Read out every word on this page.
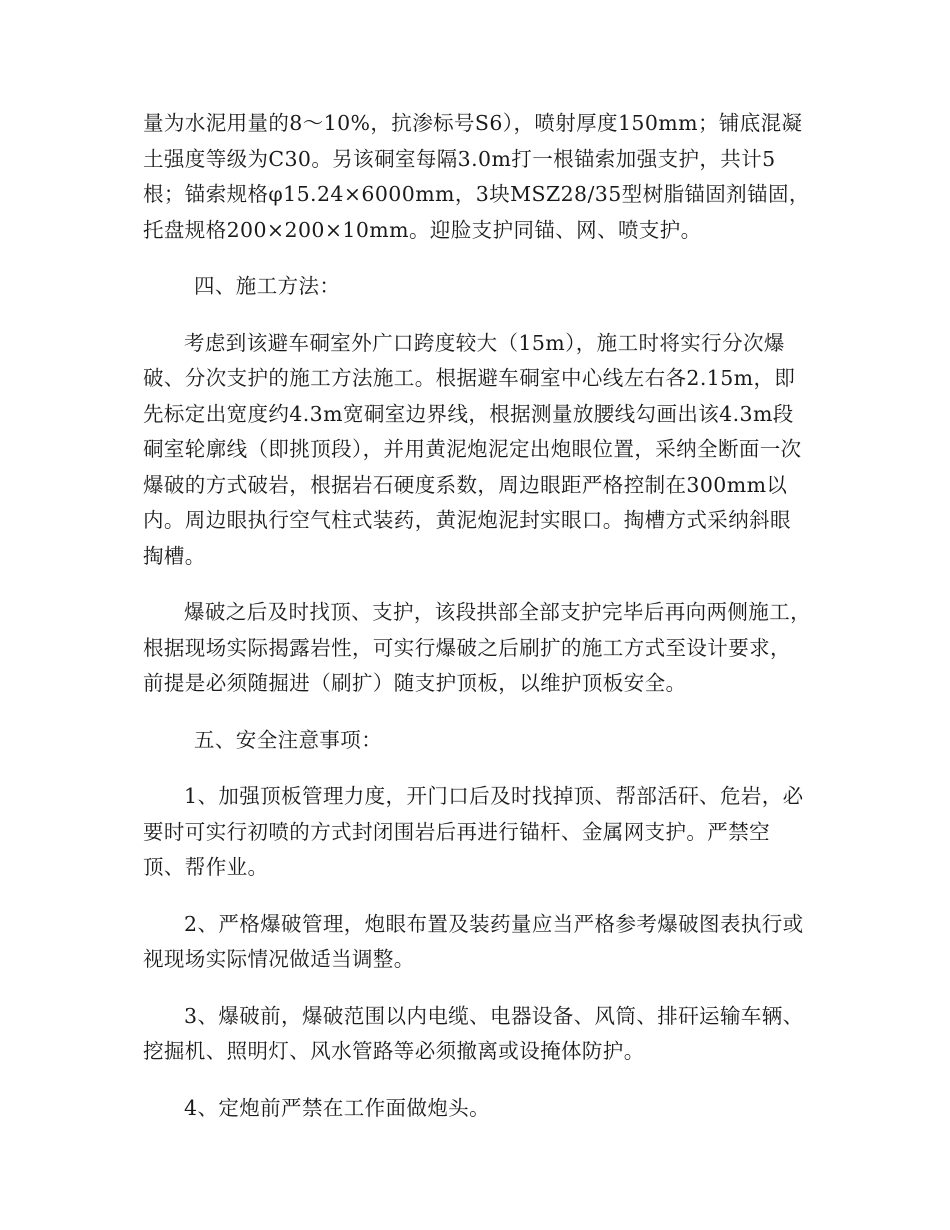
量为水泥用量的8～10%，抗渗标号S6），喷射厚度150mm；铺底混凝土强度等级为C30。另该硐室每隔3.0m打一根锚索加强支护，共计5根；锚索规格φ15.24×6000mm，3块MSZ28/35型树脂锚固剂锚固，托盘规格200×200×10mm。迎脸支护同锚、网、喷支护。

四、施工方法：

考虑到该避车硐室外广口跨度较大（15m），施工时将实行分次爆破、分次支护的施工方法施工。根据避车硐室中心线左右各2.15m，即先标定出宽度约4.3m宽硐室边界线，根据测量放腰线勾画出该4.3m段硐室轮廓线（即挑顶段），并用黄泥炮泥定出炮眼位置，采纳全断面一次爆破的方式破岩，根据岩石硬度系数，周边眼距严格控制在300mm以内。周边眼执行空气柱式装药，黄泥炮泥封实眼口。掏槽方式采纳斜眼掏槽。

爆破之后及时找顶、支护，该段拱部全部支护完毕后再向两侧施工，根据现场实际揭露岩性，可实行爆破之后刷扩的施工方式至设计要求，前提是必须随掘进（刷扩）随支护顶板，以维护顶板安全。

五、安全注意事项：

1、加强顶板管理力度，开门口后及时找掉顶、帮部活矸、危岩，必要时可实行初喷的方式封闭围岩后再进行锚杆、金属网支护。严禁空顶、帮作业。

2、严格爆破管理，炮眼布置及装药量应当严格参考爆破图表执行或视现场实际情况做适当调整。

3、爆破前，爆破范围以内电缆、电器设备、风筒、排矸运输车辆、挖掘机、照明灯、风水管路等必须撤离或设掩体防护。

4、定炮前严禁在工作面做炮头。
